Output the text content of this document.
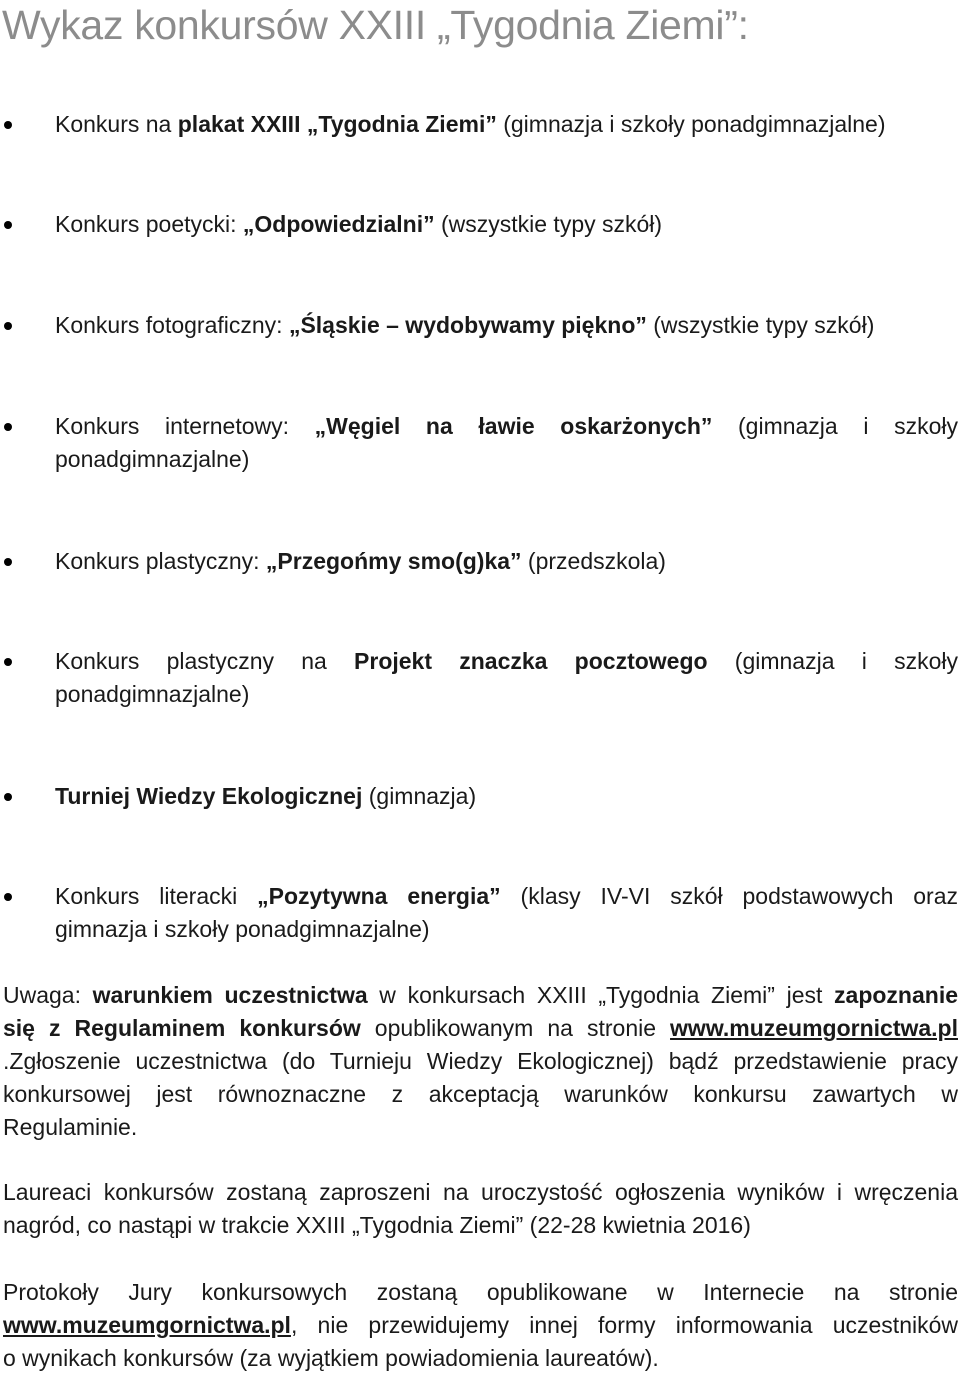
Wykaz konkursów XXIII „Tygodnia Ziemi”:
Konkurs na plakat XXIII „Tygodnia Ziemi” (gimnazja i szkoły ponadgimnazjalne)
Konkurs poetycki: „Odpowiedzialni” (wszystkie typy szkół)
Konkurs fotograficzny: „Śląskie – wydobywamy piękno” (wszystkie typy szkół)
Konkurs internetowy: „Węgiel na ławie oskarżonych” (gimnazja i szkoły
ponadgimnazjalne)
Konkurs plastyczny: „Przegońmy smo(g)ka” (przedszkola)
Konkurs plastyczny na Projekt znaczka pocztowego (gimnazja i szkoły
ponadgimnazjalne)
Turniej Wiedzy Ekologicznej (gimnazja)
Konkurs literacki „Pozytywna energia” (klasy IV-VI szkół podstawowych oraz
gimnazja i szkoły ponadgimnazjalne)
Uwaga: warunkiem uczestnictwa w konkursach XXIII „Tygodnia Ziemi” jest zapoznanie
się z Regulaminem konkursów opublikowanym na stronie www.muzeumgornictwa.pl
.Zgłoszenie uczestnictwa (do Turnieju Wiedzy Ekologicznej) bądź przedstawienie pracy
konkursowej jest równoznaczne z akceptacją warunków konkursu zawartych w
Regulaminie.
Laureaci konkursów zostaną zaproszeni na uroczystość ogłoszenia wyników i wręczenia
nagród, co nastąpi w trakcie XXIII „Tygodnia Ziemi” (22-28 kwietnia 2016)
Protokoły Jury konkursowych zostaną opublikowane w Internecie na stronie
www.muzeumgornictwa.pl, nie przewidujemy innej formy informowania uczestników
o wynikach konkursów (za wyjątkiem powiadomienia laureatów).
